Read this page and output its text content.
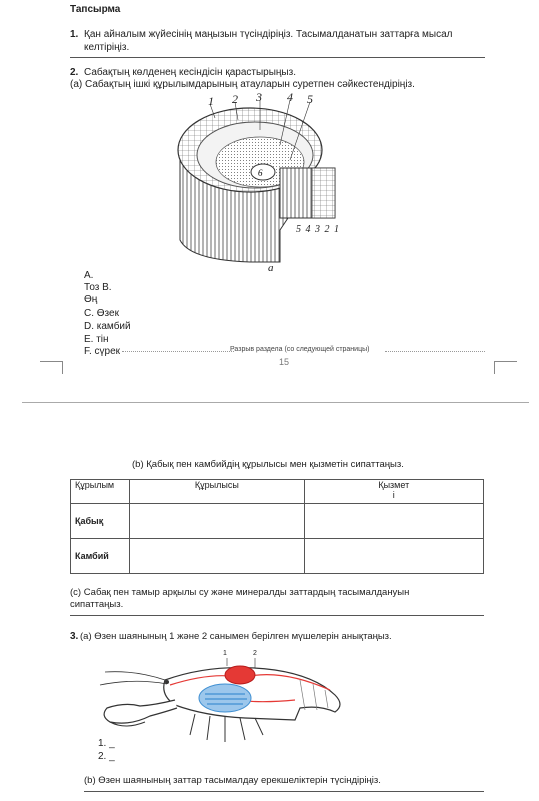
Тапсырма
1. Қан айналым жүйесінің маңызын түсіндіріңіз. Тасымалданатын заттарға мысал
келтіріңіз.
2. Сабақтың көлденең кесіндісін қарастырыңыз.
(а) Сабақтың ішкі құрылымдарының атауларын суретпен сәйкестендіріңіз.
6
1 2 3 4 5
5 4 3 2 1
а
А.
Тоз В.
Өң
С. Өзек
D. камбий
Е. тін
F. сүрек	Разрыв раздела (со следующей страницы)
15
(b) Қабық пен камбийдің құрылысы мен қызметін сипаттаңыз.
Құрылым	Құрылысы	Қызмет
і
Қабық		
Камбий		
(с) Сабақ пен тамыр арқылы су және минералды заттардың тасымалдануын
сипаттаңыз.
3. (а) Өзен шаянының 1 және 2 санымен берілген мүшелерін анықтаңыз.
1	2
1. _
2. _
(b) Өзен шаянының заттар тасымалдау ерекшеліктерін түсіндіріңіз.
